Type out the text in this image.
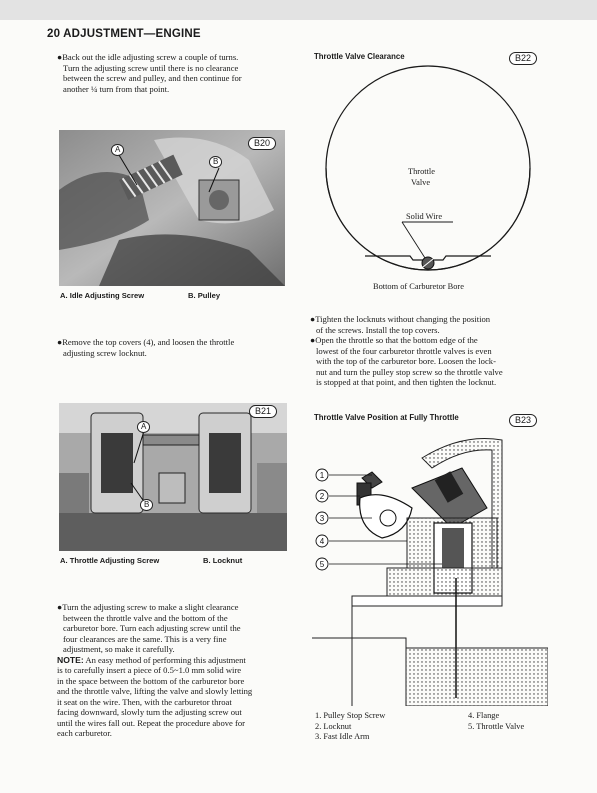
20 ADJUSTMENT—ENGINE

●Back out the idle adjusting screw a couple of turns.

Turn the adjusting screw until there is no clearance

between the screw and pulley, and then continue for

another ¼ turn from that point.

B20
A
B
A. Idle Adjusting Screw	B. Pulley

●Remove the top covers (4), and loosen the throttle

adjusting screw locknut.

B21
A
B
A. Throttle Adjusting Screw	B. Locknut

●Turn the adjusting screw to make a slight clearance

between the throttle valve and the bottom of the

carburetor bore. Turn each adjusting screw until the

four clearances are the same. This is a very fine

adjustment, so make it carefully.

NOTE: An easy method of performing this adjustment

is to carefully insert a piece of 0.5~1.0 mm solid wire

in the space between the bottom of the carburetor bore

and the throttle valve, lifting the valve and slowly letting

it seat on the wire. Then, with the carburetor throat

facing downward, slowly turn the adjusting screw out

until the wires fall out. Repeat the procedure above for

each carburetor.

Throttle Valve Clearance	B22
Throttle
Valve
Solid Wire
Bottom of Carburetor Bore

●Tighten the locknuts without changing the position

of the screws. Install the top covers.

●Open the throttle so that the bottom edge of the

lowest of the four carburetor throttle valves is even

with the top of the carburetor bore. Loosen the lock-

nut and turn the pulley stop screw so the throttle valve

is stopped at that point, and then tighten the locknut.

Throttle Valve Position at Fully Throttle	B23
1
2
3
4
5
1. Pulley Stop Screw
2. Locknut
3. Fast Idle Arm
4. Flange
5. Throttle Valve
